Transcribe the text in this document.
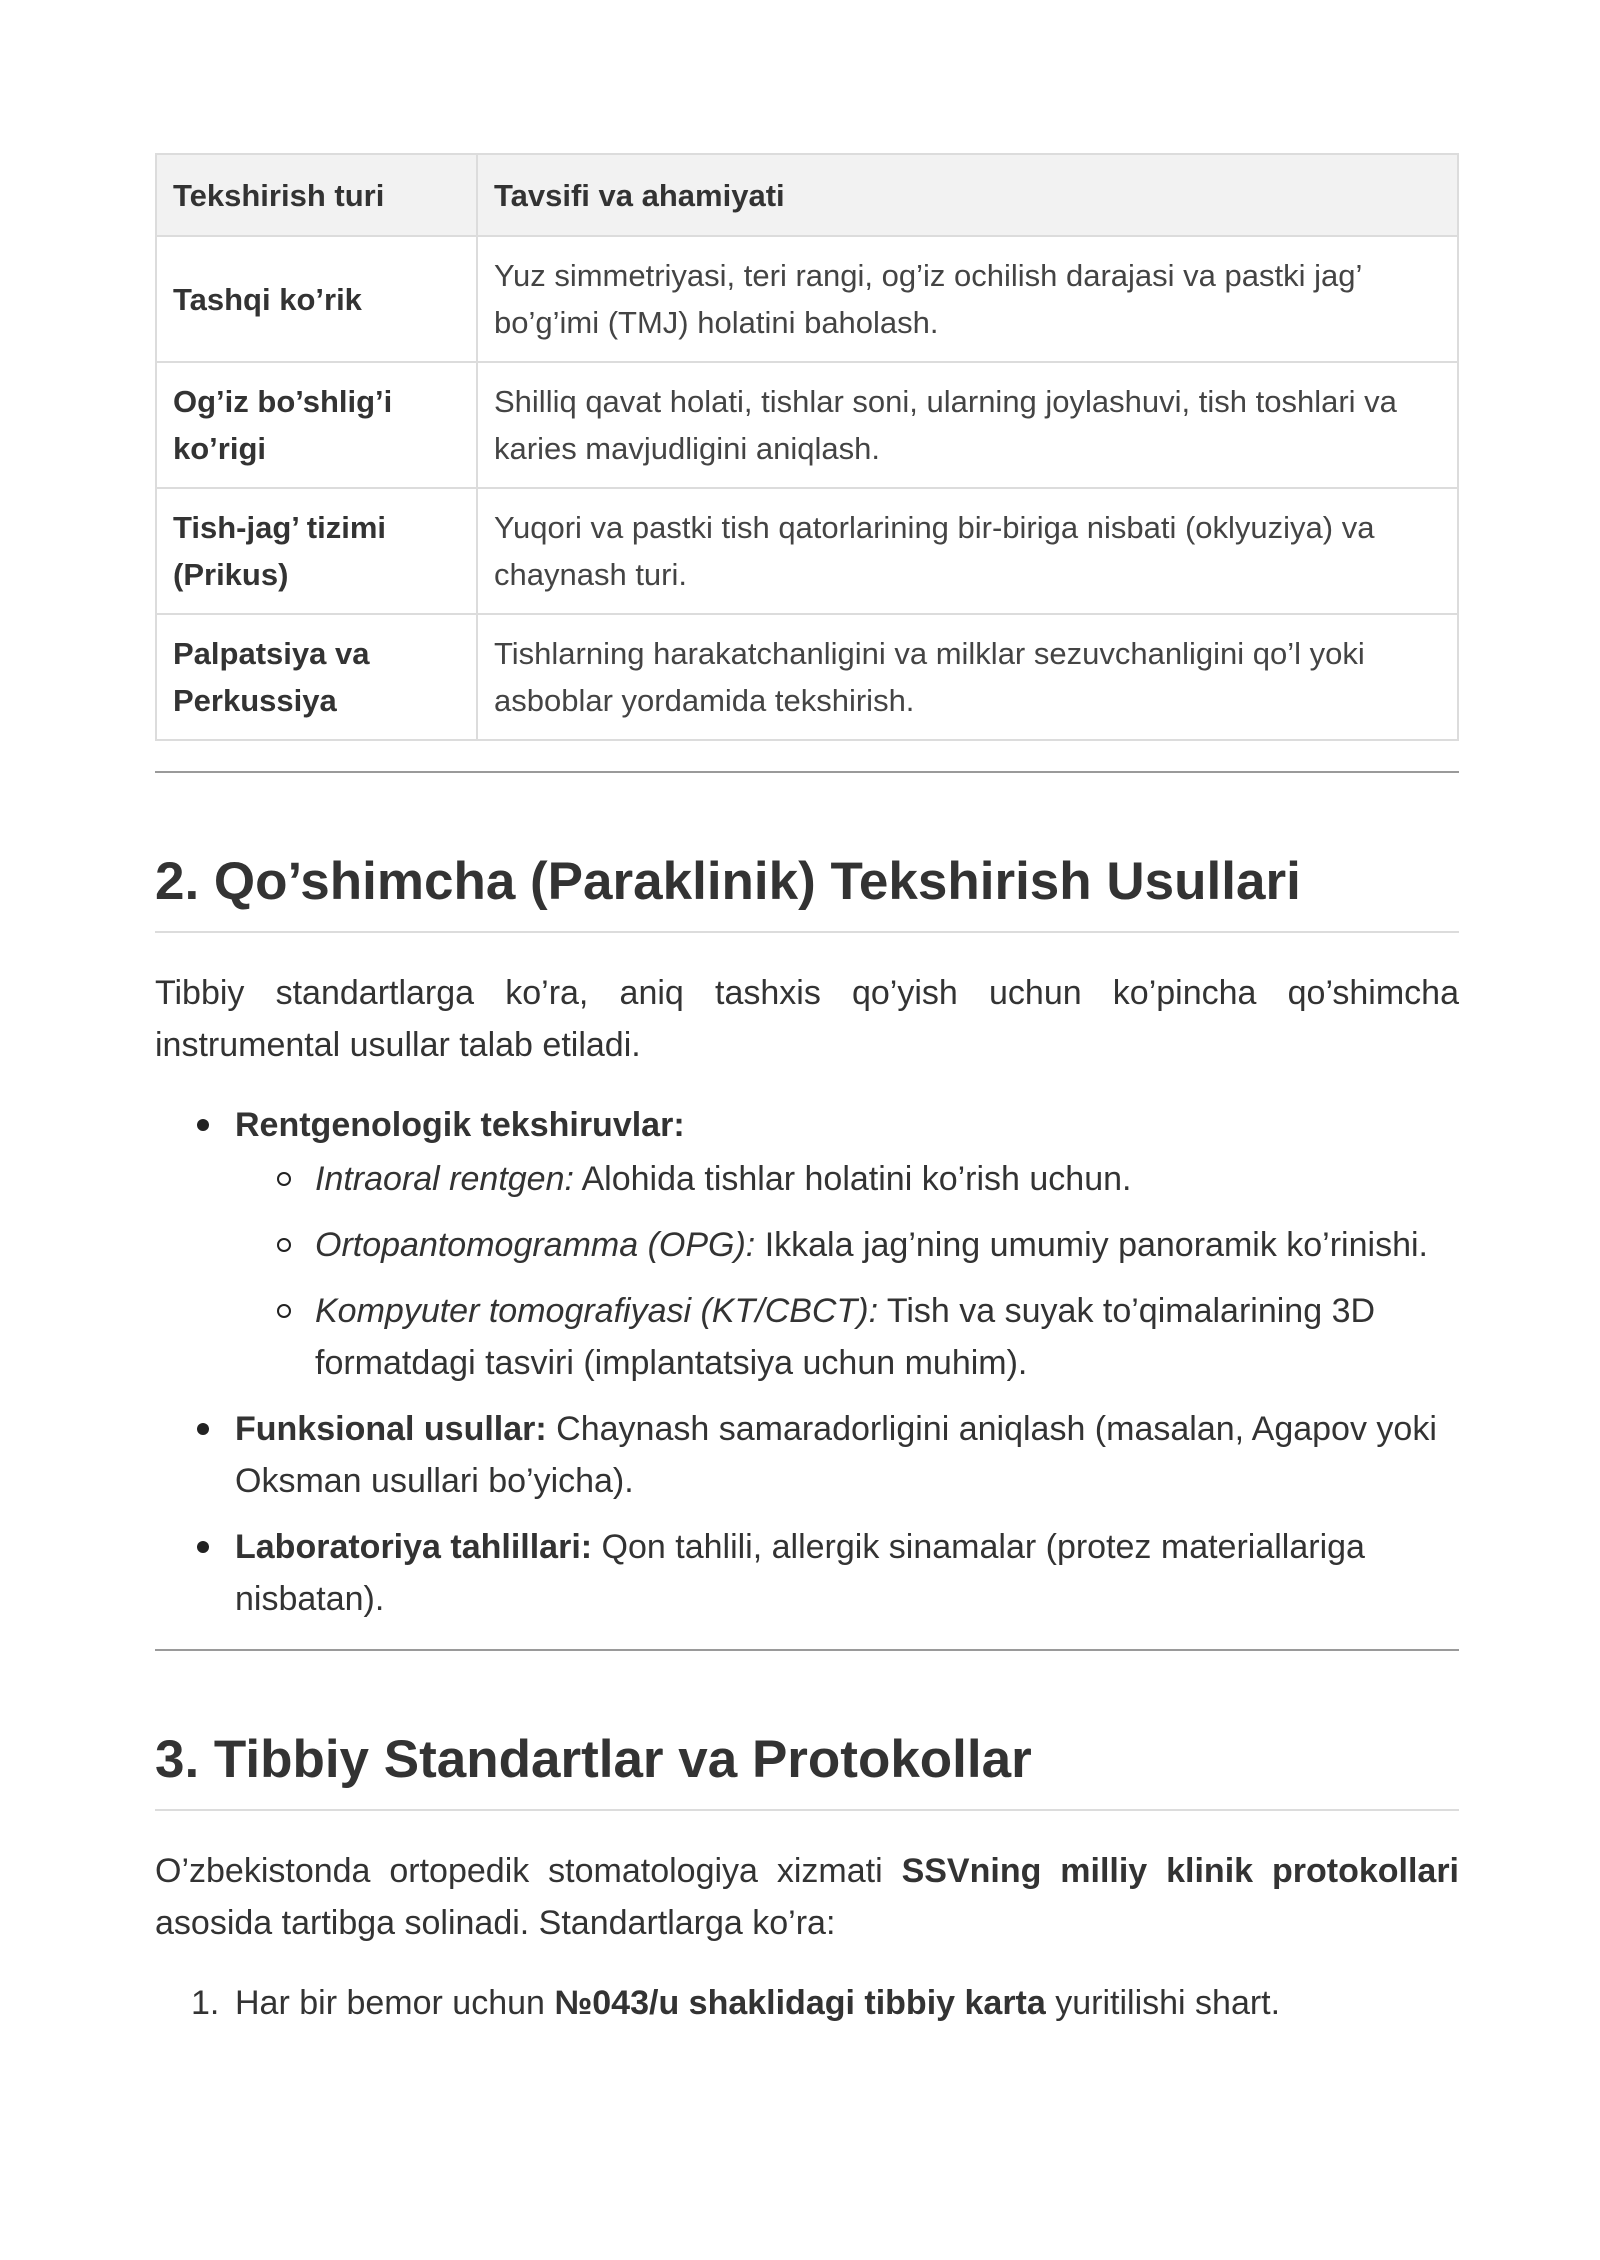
Tekshirish turi	Tavsifi va ahamiyati
Tashqi ko’rik	Yuz simmetriyasi, teri rangi, og’iz ochilish darajasi va pastki jag’ bo’g’imi (TMJ) holatini baholash.
Og’iz bo’shlig’i ko’rigi	Shilliq qavat holati, tishlar soni, ularning joylashuvi, tish toshlari va karies mavjudligini aniqlash.
Tish-jag’ tizimi (Prikus)	Yuqori va pastki tish qatorlarining bir-biriga nisbati (oklyuziya) va chaynash turi.
Palpatsiya va Perkussiya	Tishlarning harakatchanligini va milklar sezuvchanligini qo’l yoki asboblar yordamida tekshirish.
2. Qo’shimcha (Paraklinik) Tekshirish Usullari

Tibbiy standartlarga ko’ra, aniq tashxis qo’yish uchun ko’pincha qo’shimcha instrumental usullar talab etiladi.

Rentgenologik tekshiruvlar:
Intraoral rentgen: Alohida tishlar holatini ko’rish uchun.
Ortopantomogramma (OPG): Ikkala jag’ning umumiy panoramik ko’rinishi.
Kompyuter tomografiyasi (KT/CBCT): Tish va suyak to’qimalarining 3D formatdagi tasviri (implantatsiya uchun muhim).
Funksional usullar: Chaynash samaradorligini aniqlash (masalan, Agapov yoki Oksman usullari bo’yicha).
Laboratoriya tahlillari: Qon tahlili, allergik sinamalar (protez materiallariga nisbatan).
3. Tibbiy Standartlar va Protokollar

O’zbekistonda ortopedik stomatologiya xizmati SSVning milliy klinik protokollari asosida tartibga solinadi. Standartlarga ko’ra:

1. Har bir bemor uchun №043/u shaklidagi tibbiy karta yuritilishi shart.
